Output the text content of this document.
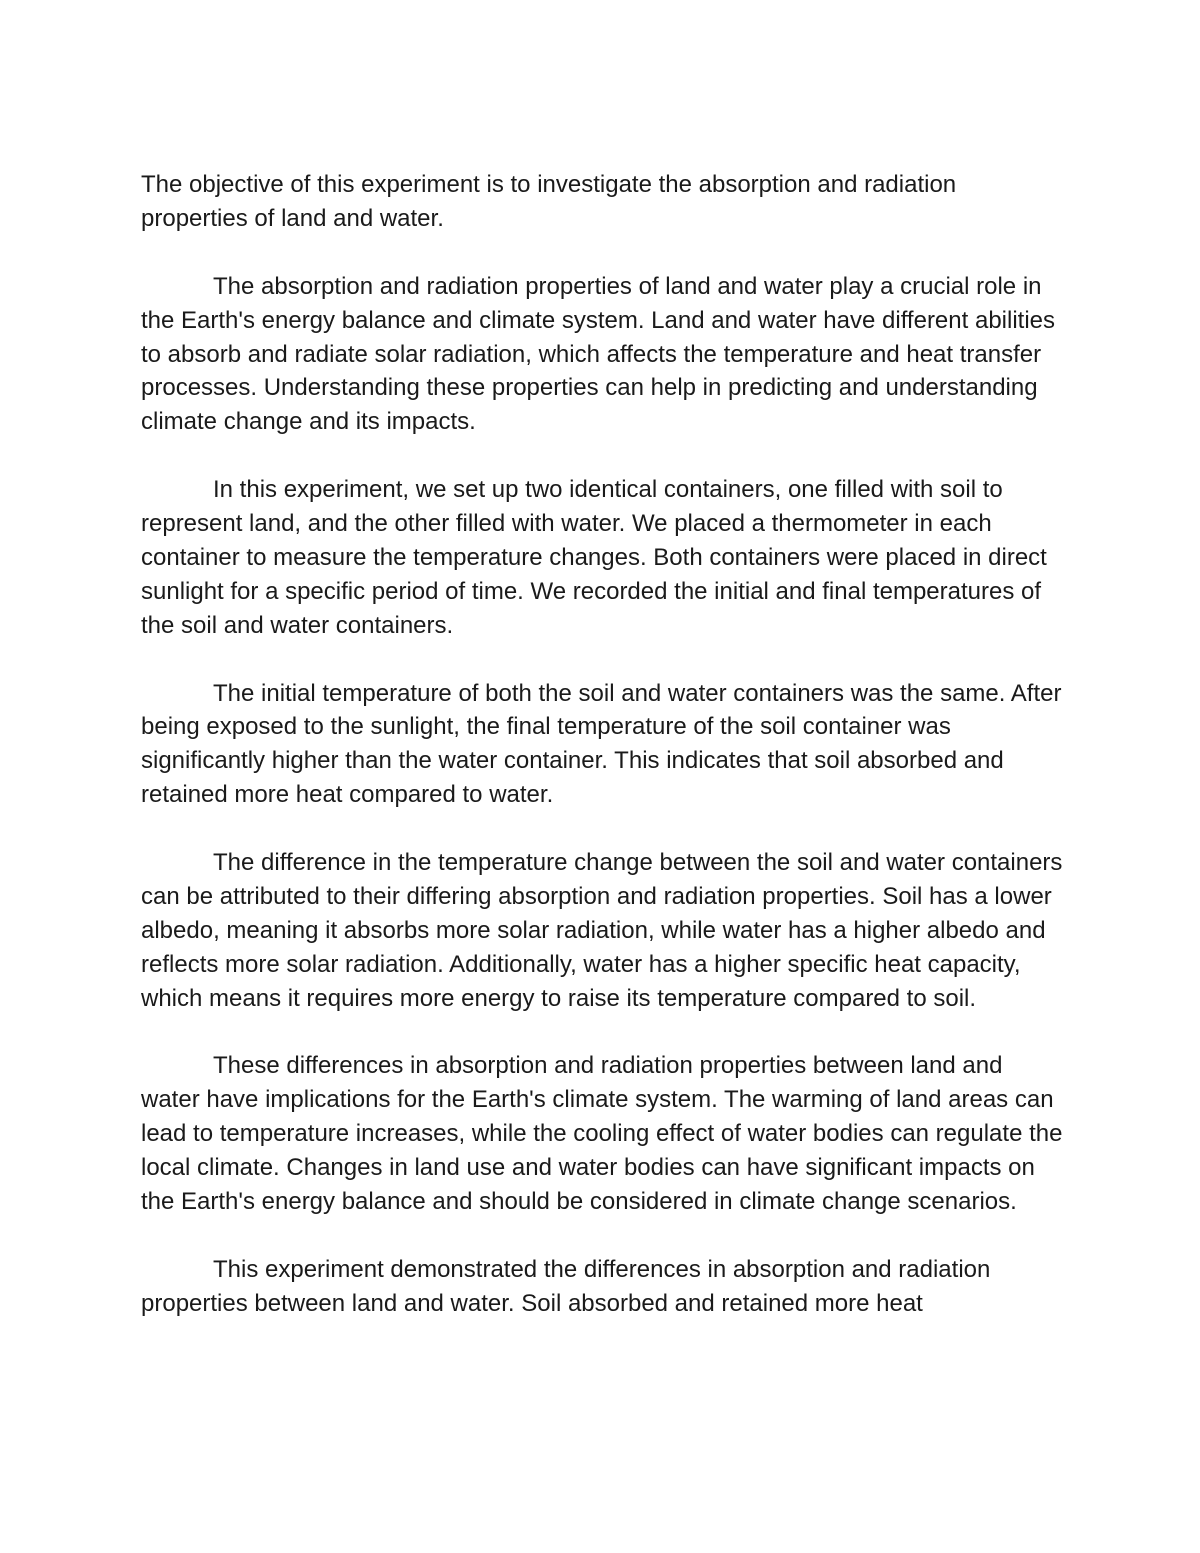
The objective of this experiment is to investigate the absorption and radiation properties of land and water.

The absorption and radiation properties of land and water play a crucial role in the Earth's energy balance and climate system. Land and water have different abilities to absorb and radiate solar radiation, which affects the temperature and heat transfer processes. Understanding these properties can help in predicting and understanding climate change and its impacts.

In this experiment, we set up two identical containers, one filled with soil to represent land, and the other filled with water. We placed a thermometer in each container to measure the temperature changes. Both containers were placed in direct sunlight for a specific period of time. We recorded the initial and final temperatures of the soil and water containers.

The initial temperature of both the soil and water containers was the same. After being exposed to the sunlight, the final temperature of the soil container was significantly higher than the water container. This indicates that soil absorbed and retained more heat compared to water.

The difference in the temperature change between the soil and water containers can be attributed to their differing absorption and radiation properties. Soil has a lower albedo, meaning it absorbs more solar radiation, while water has a higher albedo and reflects more solar radiation. Additionally, water has a higher specific heat capacity, which means it requires more energy to raise its temperature compared to soil.

These differences in absorption and radiation properties between land and water have implications for the Earth's climate system. The warming of land areas can lead to temperature increases, while the cooling effect of water bodies can regulate the local climate. Changes in land use and water bodies can have significant impacts on the Earth's energy balance and should be considered in climate change scenarios.

This experiment demonstrated the differences in absorption and radiation properties between land and water. Soil absorbed and retained more heat
